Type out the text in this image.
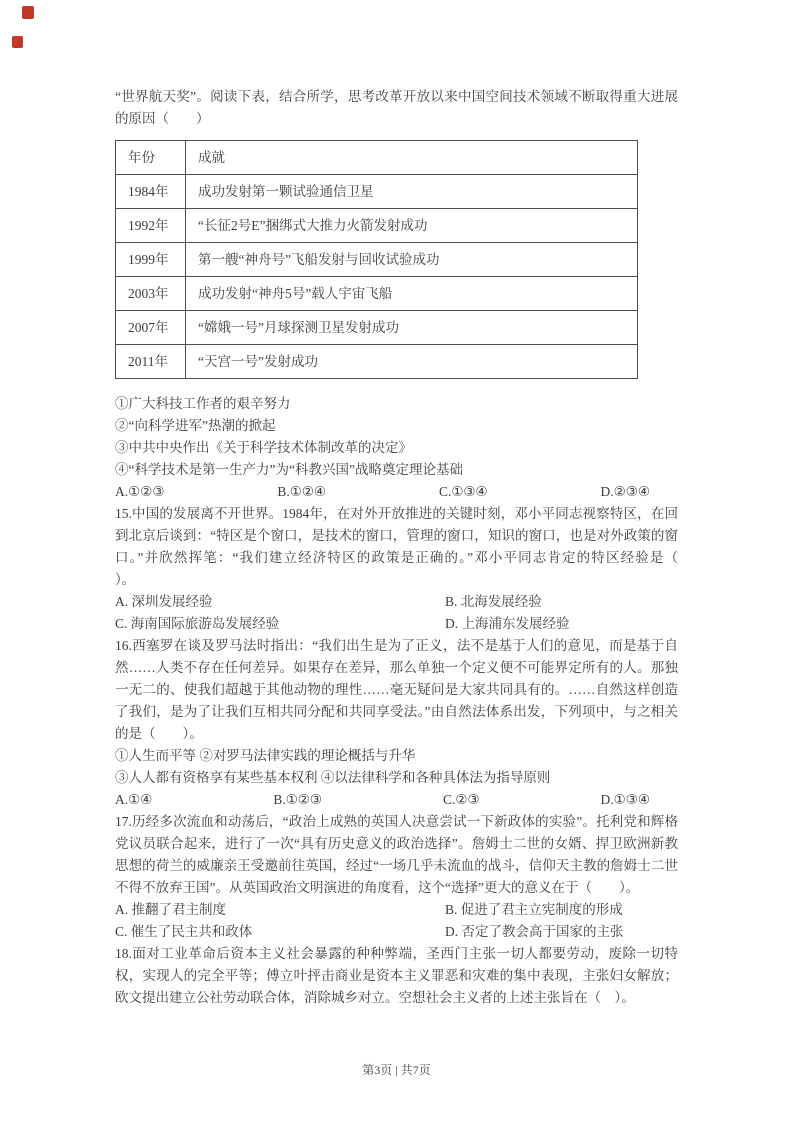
“世界航天奖”。阅读下表，结合所学，思考改革开放以来中国空间技术领域不断取得重大进展的原因（　　）

年份	成就
1984年	成功发射第一颗试验通信卫星
1992年	“长征2号E”捆绑式大推力火箭发射成功
1999年	第一艘“神舟号”飞船发射与回收试验成功
2003年	成功发射“神舟5号”载人宇宙飞船
2007年	“嫦娥一号”月球探测卫星发射成功
2011年	“天宫一号”发射成功

①广大科技工作者的艰辛努力

②“向科学进军”热潮的掀起

③中共中央作出《关于科学技术体制改革的决定》

④“科学技术是第一生产力”为“科教兴国”战略奠定理论基础

A.①②③	B.①②④	C.①③④	D.②③④

15.中国的发展离不开世界。1984年，在对外开放推进的关键时刻，邓小平同志视察特区，在回到北京后谈到：“特区是个窗口，是技术的窗口，管理的窗口，知识的窗口，也是对外政策的窗口。”并欣然挥笔：“我们建立经济特区的政策是正确的。”邓小平同志肯定的特区经验是（　　）。

A. 深圳发展经验	B. 北海发展经验
C. 海南国际旅游岛发展经验	D. 上海浦东发展经验

16.西塞罗在谈及罗马法时指出：“我们出生是为了正义，法不是基于人们的意见，而是基于自然……人类不存在任何差异。如果存在差异，那么单独一个定义便不可能界定所有的人。那独一无二的、使我们超越于其他动物的理性……毫无疑问是大家共同具有的。……自然这样创造了我们，是为了让我们互相共同分配和共同享受法。”由自然法体系出发，下列项中，与之相关的是（　　）。

①人生而平等 ②对罗马法律实践的理论概括与升华

③人人都有资格享有某些基本权利 ④以法律科学和各种具体法为指导原则

A.①④	B.①②③	C.②③	D.①③④

17.历经多次流血和动荡后，“政治上成熟的英国人决意尝试一下新政体的实验”。托利党和辉格党议员联合起来，进行了一次“具有历史意义的政治选择”。詹姆士二世的女婿、捍卫欧洲新教思想的荷兰的威廉亲王受邀前往英国，经过“一场几乎未流血的战斗，信仰天主教的詹姆士二世不得不放弃王国”。从英国政治文明演进的角度看，这个“选择”更大的意义在于（　　）。

A. 推翻了君主制度	B. 促进了君主立宪制度的形成
C. 催生了民主共和政体	D. 否定了教会高于国家的主张

18.面对工业革命后资本主义社会暴露的种种弊端，圣西门主张一切人都要劳动，废除一切特权，实现人的完全平等；傅立叶抨击商业是资本主义罪恶和灾难的集中表现，主张妇女解放；欧文提出建立公社劳动联合体，消除城乡对立。空想社会主义者的上述主张旨在（　）。

第3页 | 共7页
